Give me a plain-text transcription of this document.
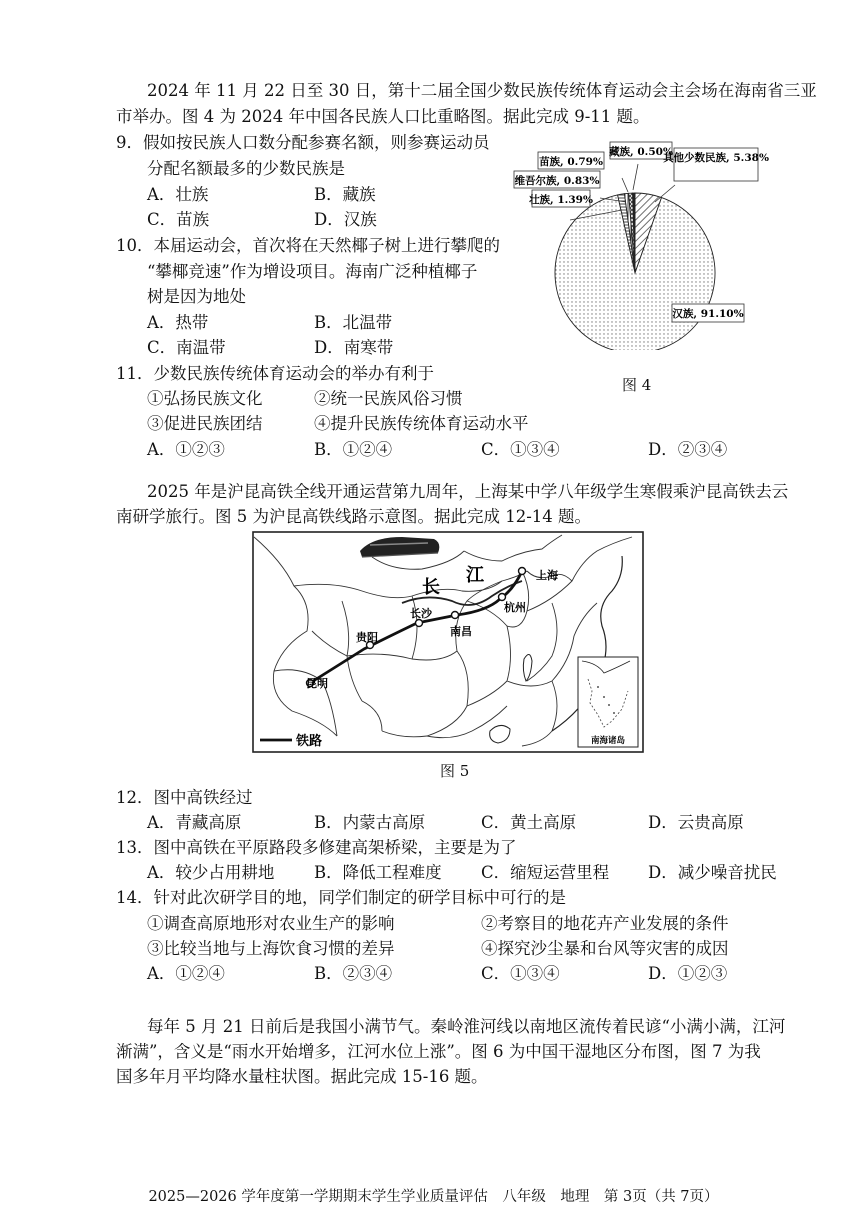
2024 年 11 月 22 日至 30 日，第十二届全国少数民族传统体育运动会主会场在海南省三亚
市举办。图 4 为 2024 年中国各民族人口比重略图。据此完成 9-11 题。
9．假如按民族人口数分配参赛名额，则参赛运动员
分配名额最多的少数民族是
A．壮族	B．藏族
C．苗族	D．汉族
10．本届运动会，首次将在天然椰子树上进行攀爬的
“攀椰竞速”作为增设项目。海南广泛种植椰子
树是因为地处
A．热带	B．北温带
C．南温带	D．南寒带
11．少数民族传统体育运动会的举办有利于
①弘扬民族文化	②统一民族风俗习惯
③促进民族团结	④提升民族传统体育运动水平
A．①②③	B．①②④	C．①③④	D．②③④
苗族, 0.79%
藏族, 0.50%
其他少数民族, 5.38%
维吾尔族, 0.83%
壮族, 1.39%
汉族, 91.10%
图 4
2025 年是沪昆高铁全线开通运营第九周年，上海某中学八年级学生寒假乘沪昆高铁去云
南研学旅行。图 5 为沪昆高铁线路示意图。据此完成 12-14 题。
上海
杭州
南昌
长沙
贵阳
昆明
长
江
铁路	南海诸岛
图 5
12．图中高铁经过
A．青藏高原	B．内蒙古高原	C．黄土高原	D．云贵高原
13．图中高铁在平原路段多修建高架桥梁，主要是为了
A．较少占用耕地 B．降低工程难度 C．缩短运营里程 D．减少噪音扰民
14．针对此次研学目的地，同学们制定的研学目标中可行的是
①调查高原地形对农业生产的影响	②考察目的地花卉产业发展的条件
③比较当地与上海饮食习惯的差异	④探究沙尘暴和台风等灾害的成因
A．①②④	B．②③④	C．①③④	D．①②③
每年 5 月 21 日前后是我国小满节气。秦岭淮河线以南地区流传着民谚“小满小满，江河
渐满”，含义是“雨水开始增多，江河水位上涨”。图 6 为中国干湿地区分布图，图 7 为我
国多年月平均降水量柱状图。据此完成 15-16 题。
2025—2026 学年度第一学期期末学生学业质量评估　八年级　地理　第 3页（共 7页）
